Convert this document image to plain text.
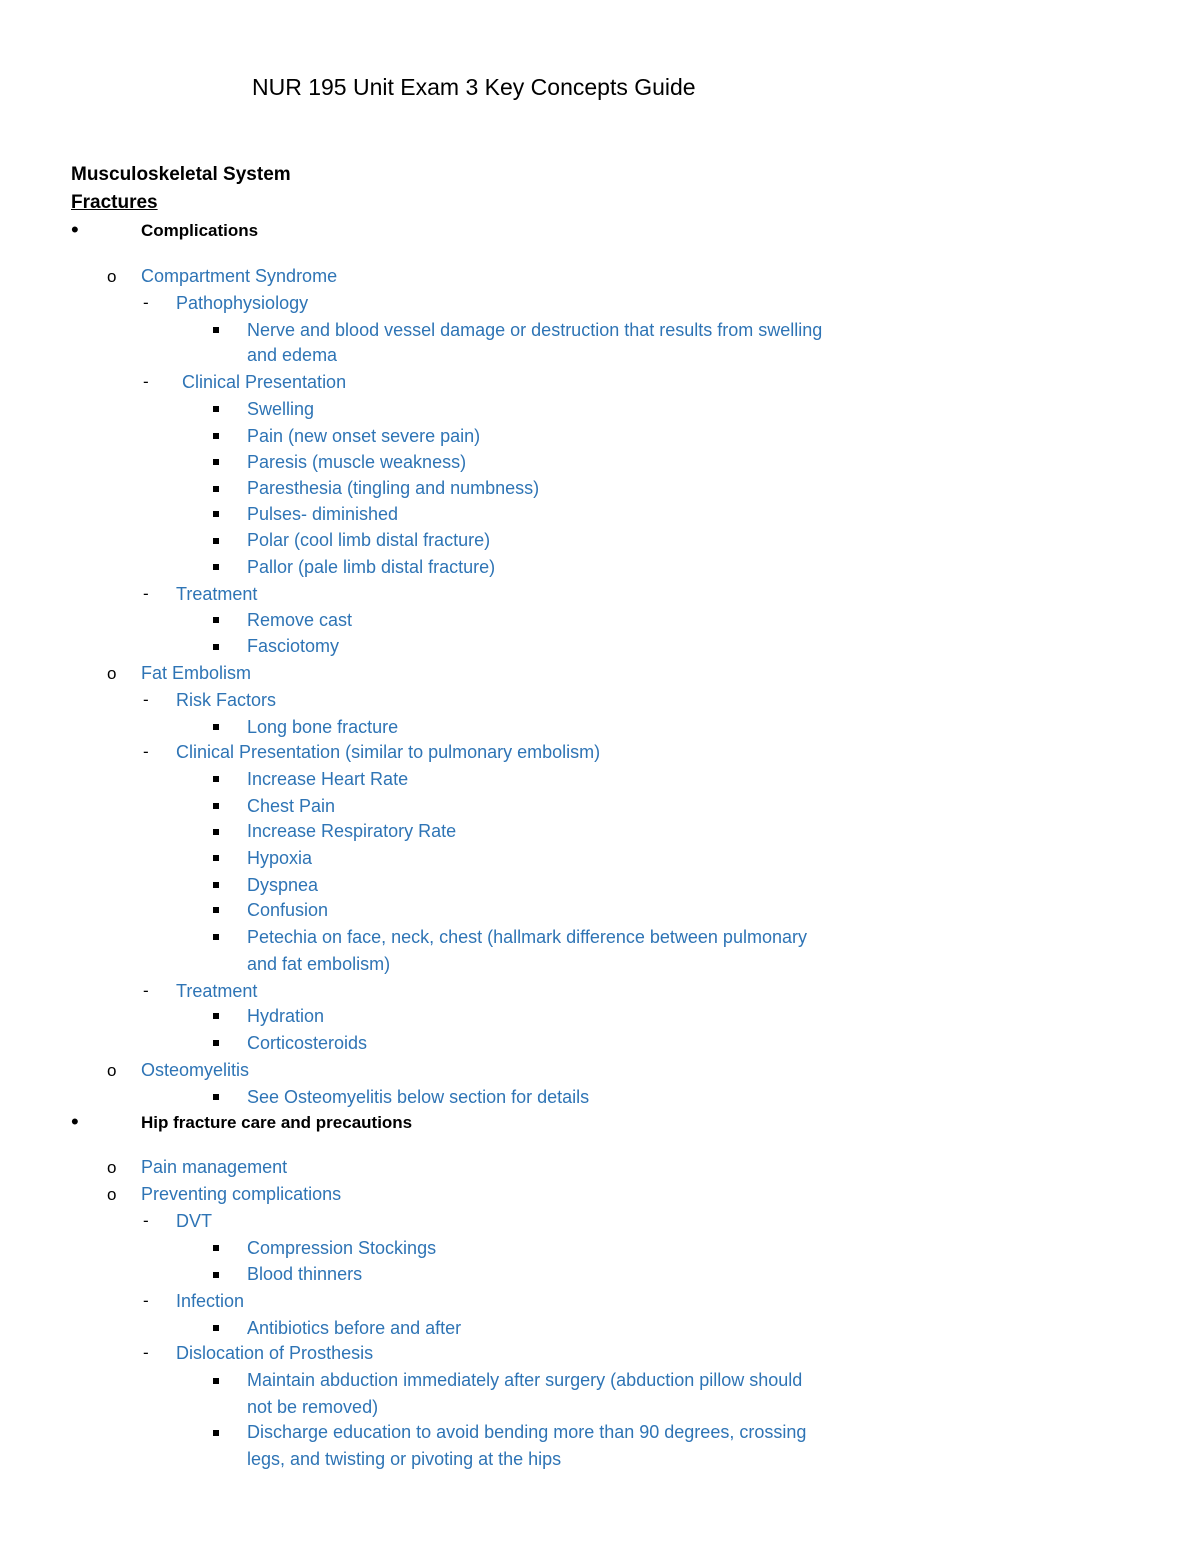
NUR 195 Unit Exam 3 Key Concepts Guide
Musculoskeletal System
Fractures
•	Complications
o Compartment Syndrome
- Pathophysiology
Nerve and blood vessel damage or destruction that results from swelling
and edema
- Clinical Presentation
Swelling
Pain (new onset severe pain)
Paresis (muscle weakness)
Paresthesia (tingling and numbness)
Pulses- diminished
Polar (cool limb distal fracture)
Pallor (pale limb distal fracture)
- Treatment
Remove cast
Fasciotomy
o Fat Embolism
- Risk Factors
Long bone fracture
- Clinical Presentation (similar to pulmonary embolism)
Increase Heart Rate
Chest Pain
Increase Respiratory Rate
Hypoxia
Dyspnea
Confusion
Petechia on face, neck, chest (hallmark difference between pulmonary
and fat embolism)
- Treatment
Hydration
Corticosteroids
o Osteomyelitis
See Osteomyelitis below section for details
•	Hip fracture care and precautions
o Pain management
o Preventing complications
- DVT
Compression Stockings
Blood thinners
- Infection
Antibiotics before and after
- Dislocation of Prosthesis
Maintain abduction immediately after surgery (abduction pillow should
not be removed)
Discharge education to avoid bending more than 90 degrees, crossing
legs, and twisting or pivoting at the hips
